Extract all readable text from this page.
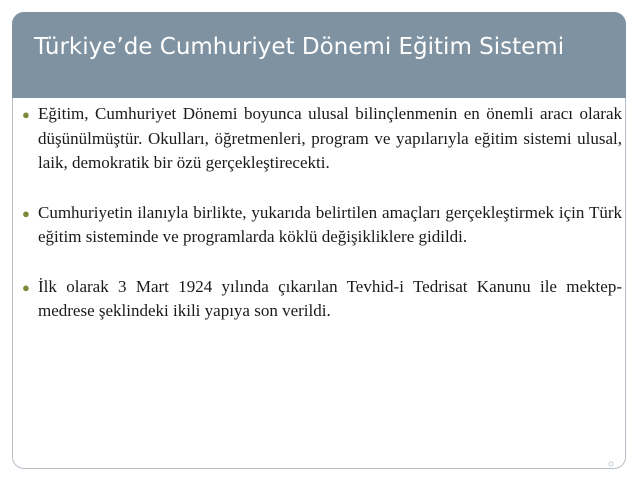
Türkiye’de Cumhuriyet Dönemi Eğitim Sistemi
● Eğitim, Cumhuriyet Dönemi boyunca ulusal bilinçlenmenin en önemli aracı olarak düşünülmüştür. Okulları, öğretmenleri, program ve yapılarıyla eğitim sistemi ulusal, laik, demokratik bir özü gerçekleştirecekti.
● Cumhuriyetin ilanıyla birlikte, yukarıda belirtilen amaçları gerçekleştirmek için Türk eğitim sisteminde ve programlarda köklü değişikliklere gidildi.
● İlk olarak 3 Mart 1924 yılında çıkarılan Tevhid-i Tedrisat Kanunu ile mektep-medrese şeklindeki ikili yapıya son verildi.
